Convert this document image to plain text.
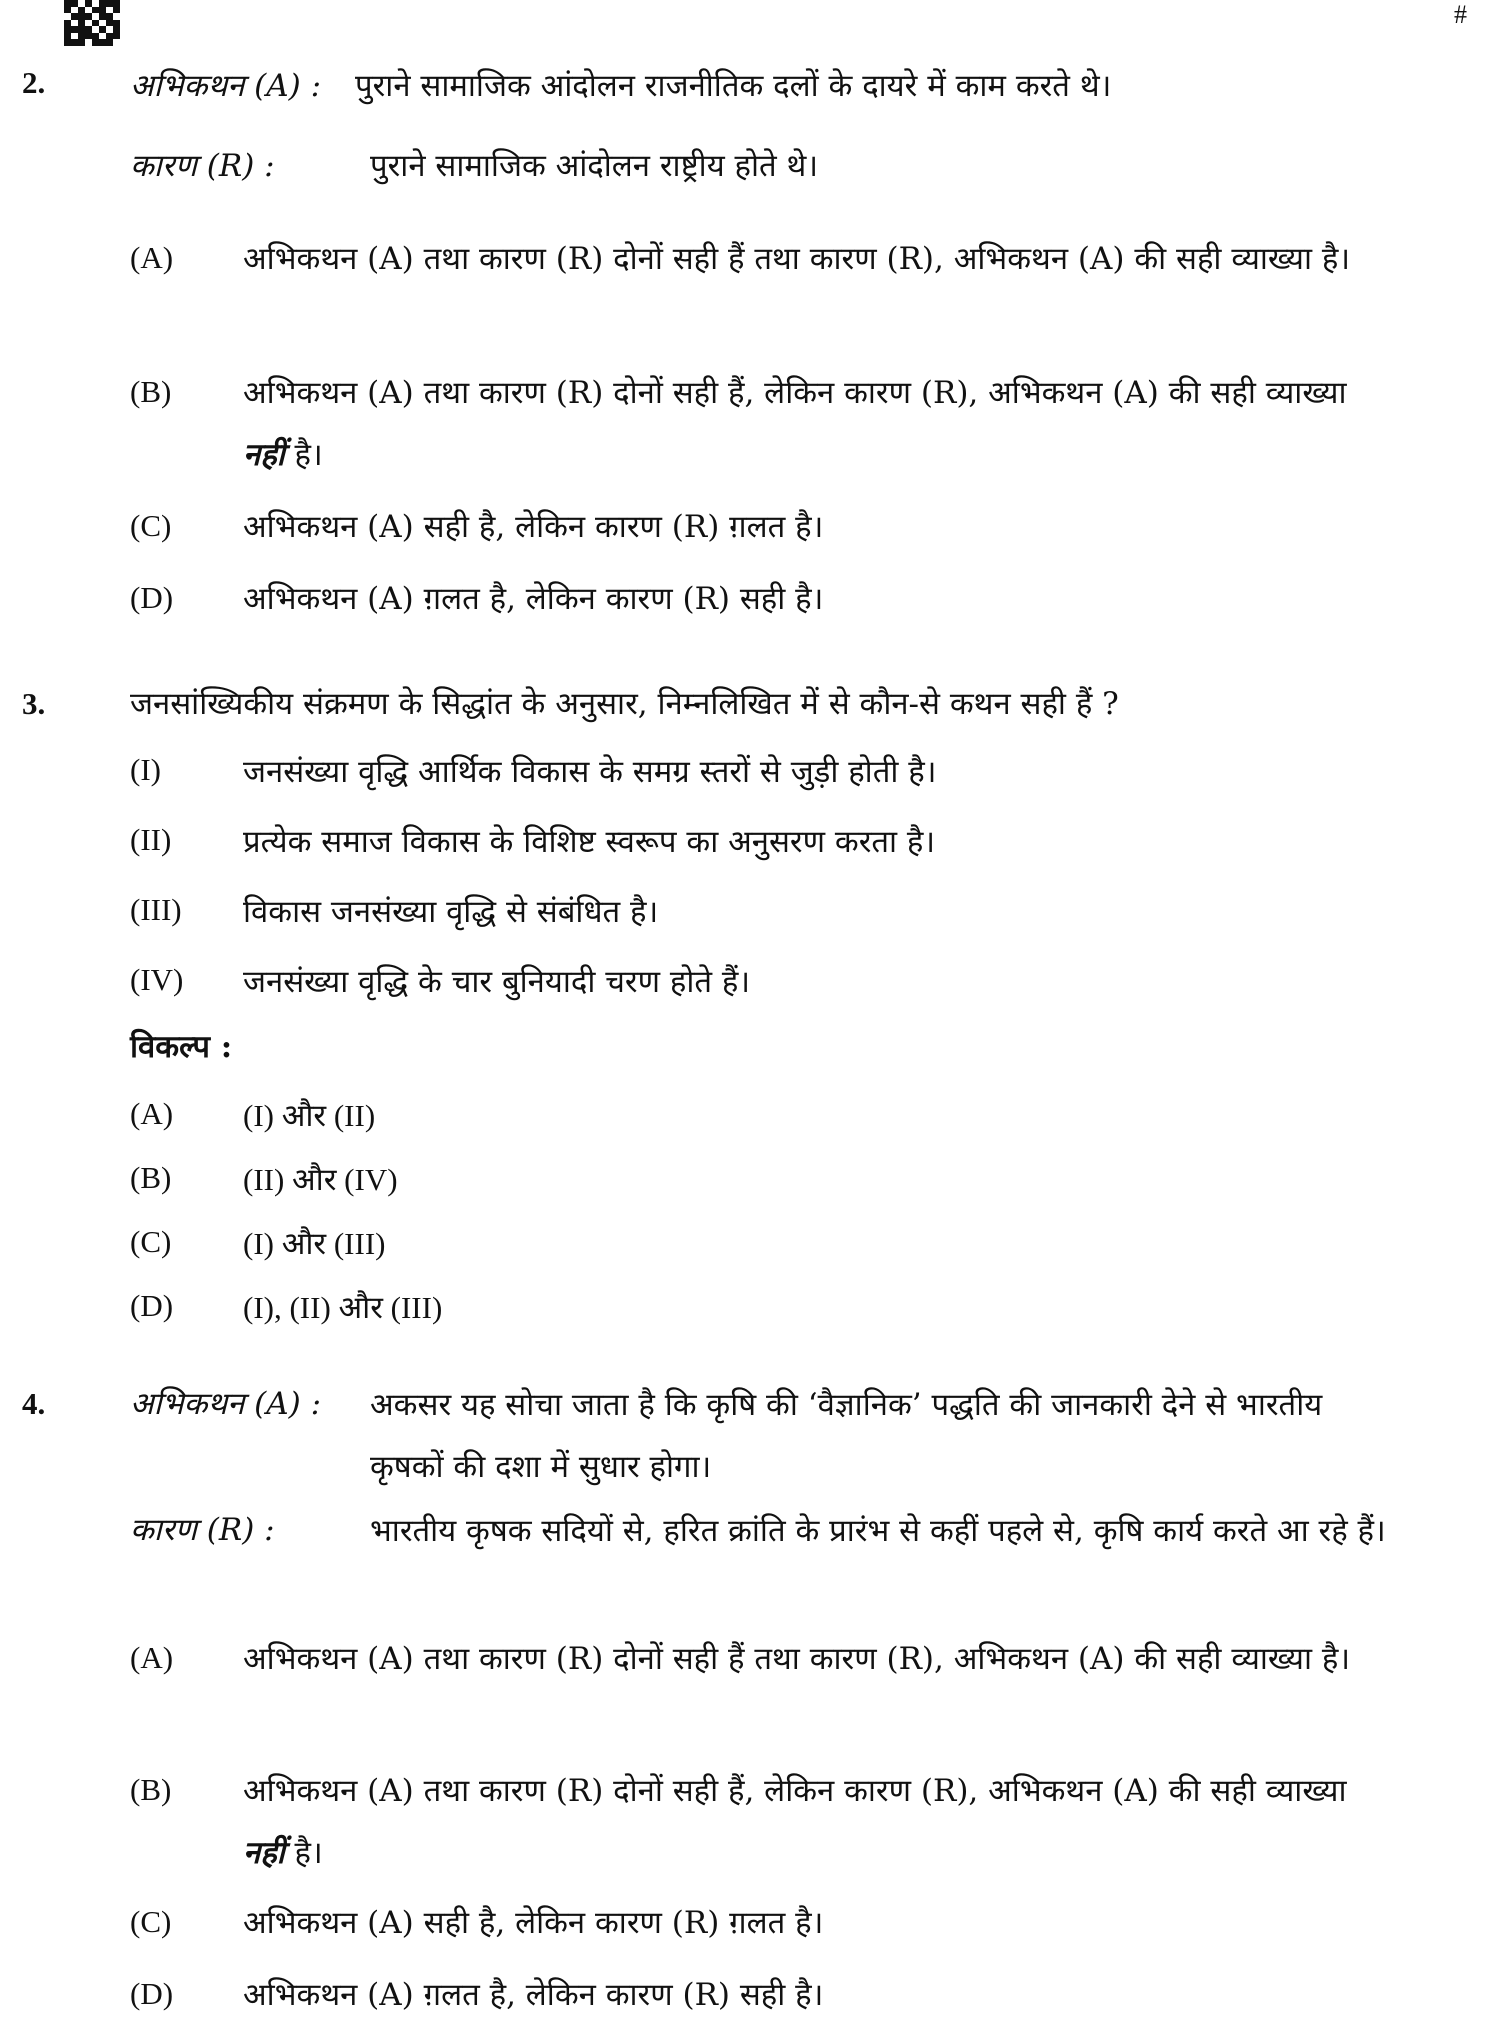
#
2.	अभिकथन (A) : पुराने सामाजिक आंदोलन राजनीतिक दलों के दायरे में काम करते थे।
कारण (R) :	पुराने सामाजिक आंदोलन राष्ट्रीय होते थे।
(A) अभिकथन (A) तथा कारण (R) दोनों सही हैं तथा कारण (R), अभिकथन (A) की सही व्याख्या है।
(B) अभिकथन (A) तथा कारण (R) दोनों सही हैं, लेकिन कारण (R), अभिकथन (A) की सही व्याख्या नहीं है।
(C) अभिकथन (A) सही है, लेकिन कारण (R) ग़लत है।
(D) अभिकथन (A) ग़लत है, लेकिन कारण (R) सही है।
3.	जनसांख्यिकीय संक्रमण के सिद्धांत के अनुसार, निम्नलिखित में से कौन-से कथन सही हैं ?
(I)	जनसंख्या वृद्धि आर्थिक विकास के समग्र स्तरों से जुड़ी होती है।
(II) प्रत्येक समाज विकास के विशिष्ट स्वरूप का अनुसरण करता है।
(III) विकास जनसंख्या वृद्धि से संबंधित है।
(IV) जनसंख्या वृद्धि के चार बुनियादी चरण होते हैं।
विकल्प :
(A) (I) और (II)
(B) (II) और (IV)
(C) (I) और (III)
(D) (I), (II) और (III)
4.	अभिकथन (A) : अकसर यह सोचा जाता है कि कृषि की ‘वैज्ञानिक’ पद्धति की जानकारी देने से भारतीय कृषकों की दशा में सुधार होगा।
कारण (R) :	भारतीय कृषक सदियों से, हरित क्रांति के प्रारंभ से कहीं पहले से, कृषि कार्य करते आ रहे हैं।
(A) अभिकथन (A) तथा कारण (R) दोनों सही हैं तथा कारण (R), अभिकथन (A) की सही व्याख्या है।
(B) अभिकथन (A) तथा कारण (R) दोनों सही हैं, लेकिन कारण (R), अभिकथन (A) की सही व्याख्या नहीं है।
(C) अभिकथन (A) सही है, लेकिन कारण (R) ग़लत है।
(D) अभिकथन (A) ग़लत है, लेकिन कारण (R) सही है।
